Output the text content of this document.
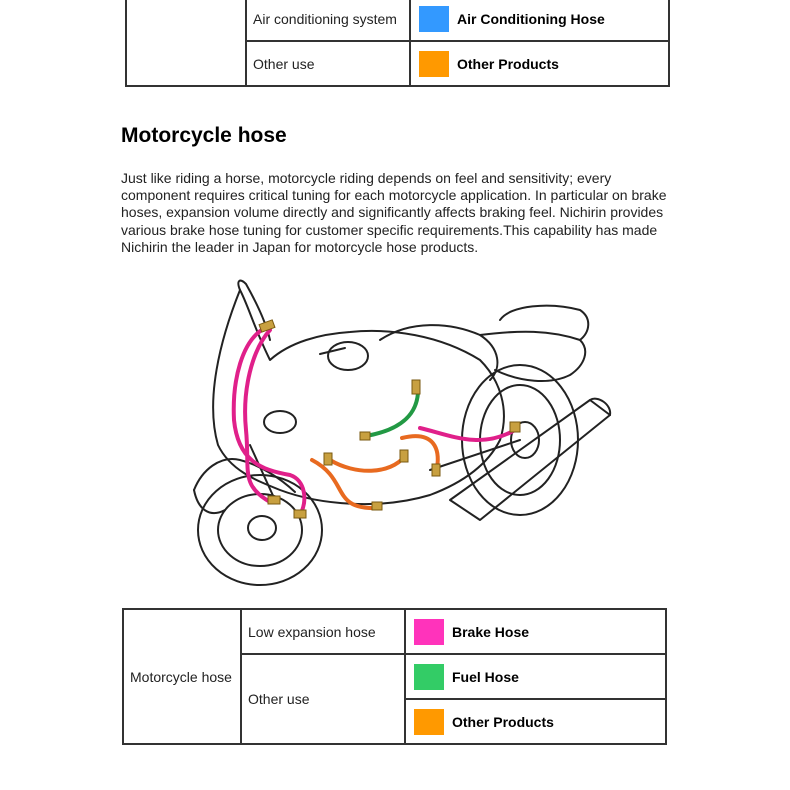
	Air conditioning system	Air Conditioning Hose
	Other use	Other Products
Motorcycle hose

Just like riding a horse, motorcycle riding depends on feel and sensitivity; every component requires critical tuning for each motorcycle application. In particular on brake hoses, expansion volume directly and significantly affects braking feel. Nichirin provides various brake hose tuning for customer specific requirements.This capability has made Nichirin the leader in Japan for motorcycle hose products.

Motorcycle hose	Low expansion hose	Brake Hose
	Other use	Fuel Hose
		Other Products
